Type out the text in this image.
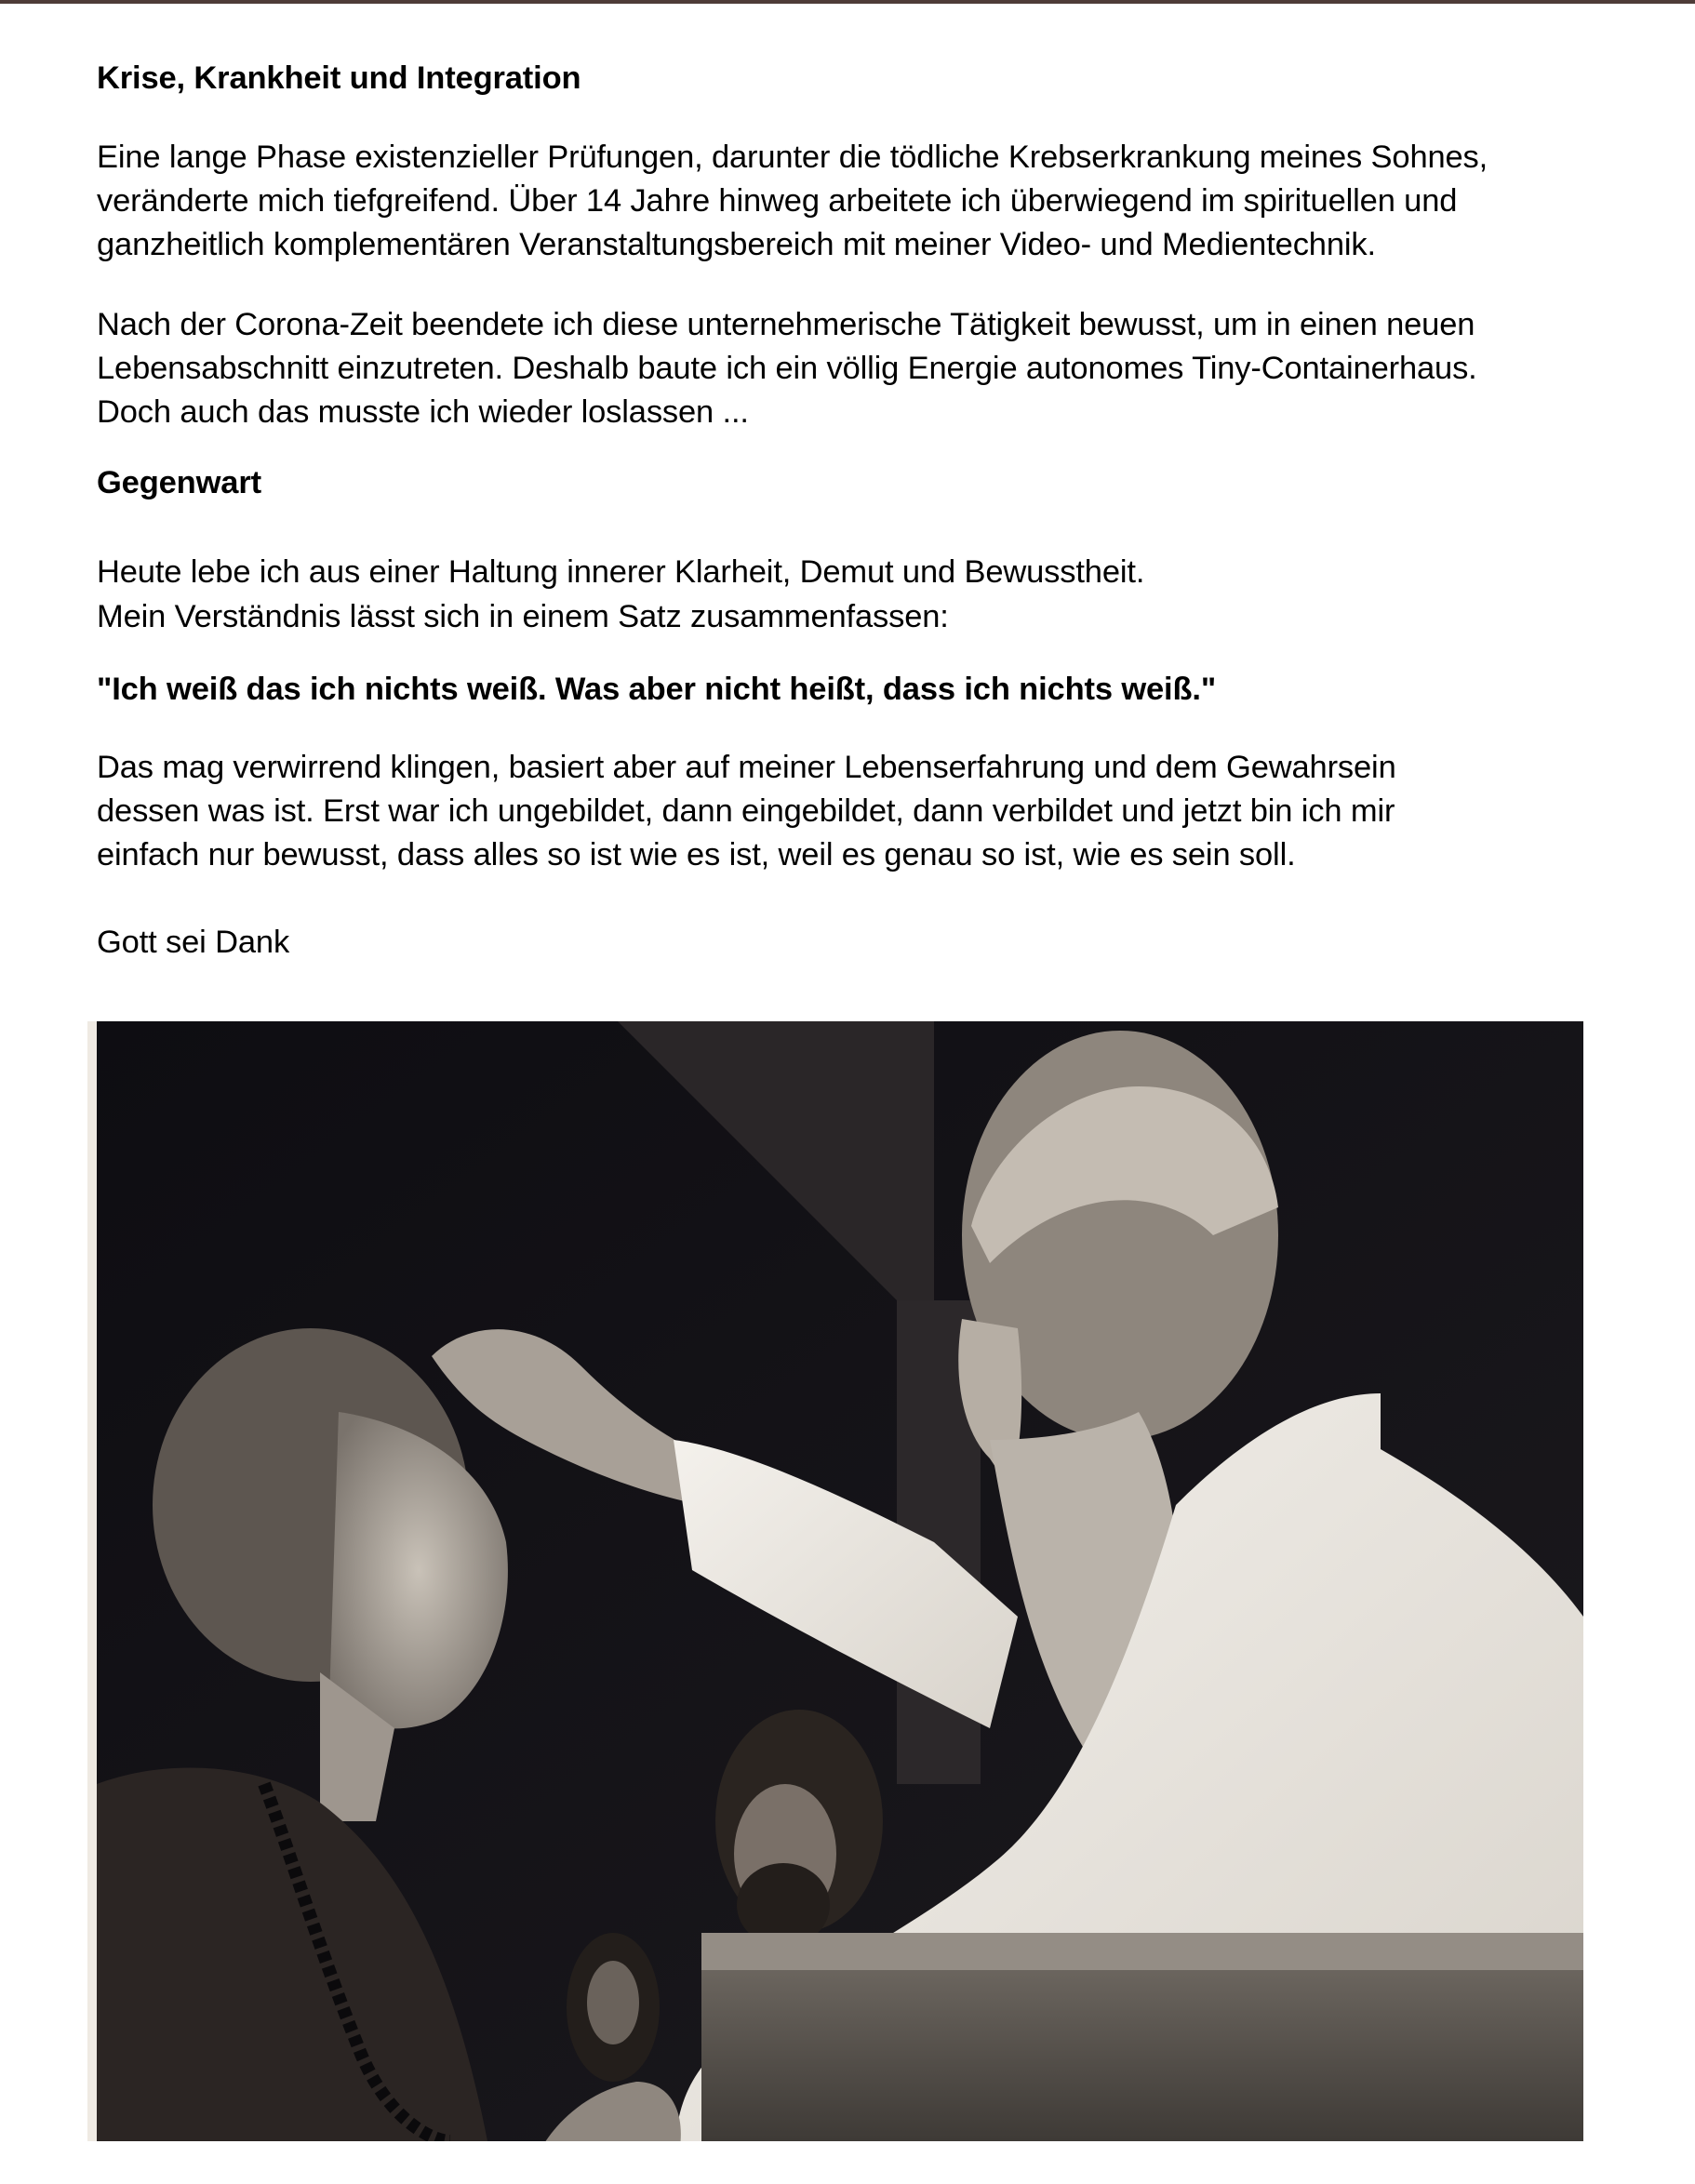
Krise, Krankheit und Integration
Eine lange Phase existenzieller Prüfungen, darunter die tödliche Krebserkrankung meines Sohnes,
veränderte mich tiefgreifend. Über 14 Jahre hinweg arbeitete ich überwiegend im spirituellen und
ganzheitlich komplementären Veranstaltungsbereich mit meiner Video- und Medientechnik.
Nach der Corona-Zeit beendete ich diese unternehmerische Tätigkeit bewusst, um in einen neuen
Lebensabschnitt einzutreten. Deshalb baute ich ein völlig Energie autonomes Tiny-Containerhaus.
Doch auch das musste ich wieder loslassen ...
Gegenwart
Heute lebe ich aus einer Haltung innerer Klarheit, Demut und Bewusstheit.
Mein Verständnis lässt sich in einem Satz zusammenfassen:
"Ich weiß das ich nichts weiß. Was aber nicht heißt, dass ich nichts weiß."
Das mag verwirrend klingen, basiert aber auf meiner Lebenserfahrung und dem Gewahrsein
dessen was ist. Erst war ich ungebildet, dann eingebildet, dann verbildet und jetzt bin ich mir
einfach nur bewusst, dass alles so ist wie es ist, weil es genau so ist, wie es sein soll.
Gott sei Dank
